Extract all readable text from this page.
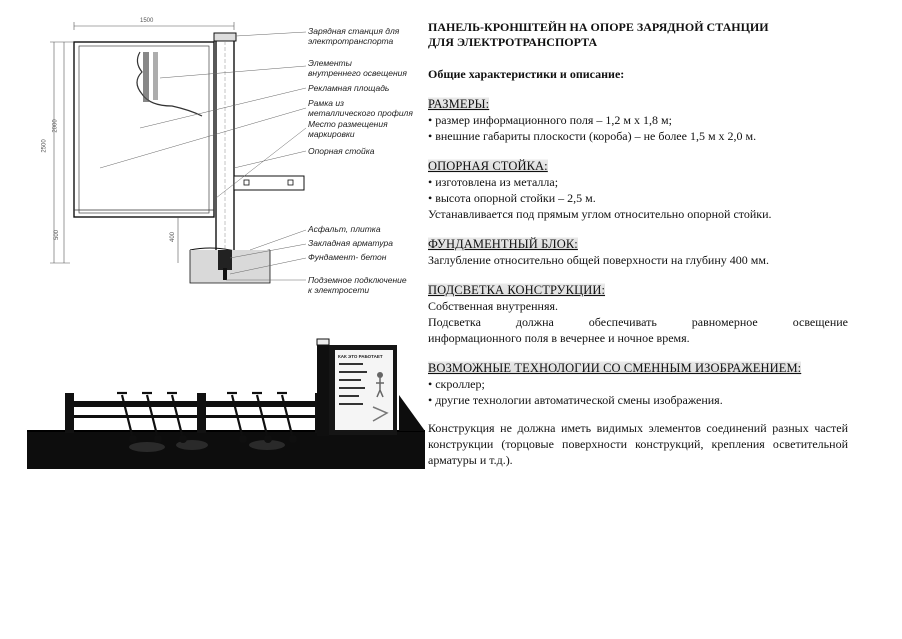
1500
2500
2000
500	400
Зарядная станция для
электротранспорта
Элементы
внутреннего освещения
Рекламная площадь
Рамка из
металлического профиля
Место размещения
маркировки
Опорная стойка
Асфальт, плитка
Закладная арматура
Фундамент- бетон
Подземное подключение
к электросети
КАК ЭТО РАБОТАЕТ

ПАНЕЛЬ-КРОНШТЕЙН НА ОПОРЕ ЗАРЯДНОЙ СТАНЦИИ

ДЛЯ ЭЛЕКТРОТРАНСПОРТА

Общие характеристики и описание:
РАЗМЕРЫ:

• размер информационного поля – 1,2 м х 1,8 м;

• внешние габариты плоскости (короба) – не более 1,5 м х 2,0 м.

ОПОРНАЯ СТОЙКА:

• изготовлена из металла;

• высота опорной стойки – 2,5 м.

Устанавливается под прямым углом относительно опорной стойки.

ФУНДАМЕНТНЫЙ БЛОК:

Заглубление относительно общей поверхности на глубину 400 мм.

ПОДСВЕТКА КОНСТРУКЦИИ:

Собственная внутренняя.

Подсветка должна обеспечивать равномерное освещение

информационного поля в вечернее и ночное время.

ВОЗМОЖНЫЕ ТЕХНОЛОГИИ СО СМЕННЫМ ИЗОБРАЖЕНИЕМ:

• скроллер;

• другие технологии автоматической смены изображения.

Конструкция не должна иметь видимых элементов соединений разных частей конструкции (торцовые поверхности конструкций, крепления осветительной арматуры и т.д.).
